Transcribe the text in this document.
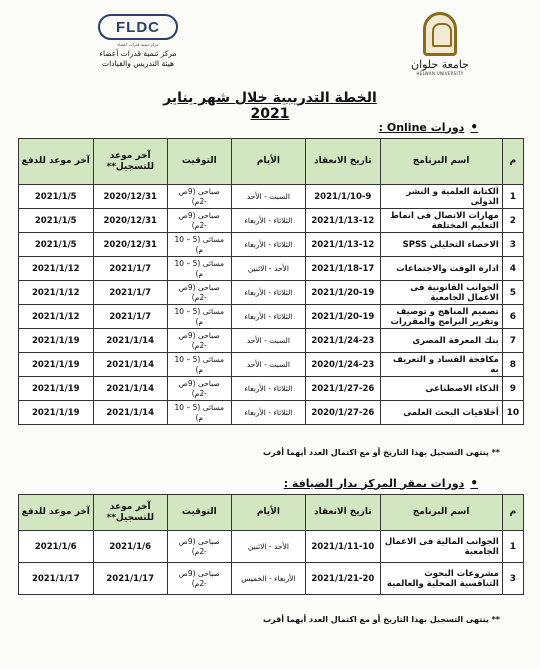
جامعة حلوان
HELWAN UNIVERSITY
FLDC
مركز تنمية قدرات أعضاء
مركز تنمية قدرات أعضاء
هيئة التدريس والقيادات
الخطة التدريبية خلال شهر يناير 2021
•
دورات Online :
م	اسم البرنامج	تاريخ الانعقاد	الأيام	التوقيت	آخر موعد للتسجيل**	آخر موعد للدفع
1	الكتابة العلمية و النشر الدولى	2021/1/10-9	السبت - الأحد	صباحى (9ص -2م)	2020/12/31	2021/1/5
2	مهارات الاتصال فى انماط التعليم المختلفة	2021/1/13-12	الثلاثاء - الأربعاء	صباحى (9ص -2م)	2020/12/31	2021/1/5
3	الاحصاء التحليلى SPSS	2021/1/13-12	الثلاثاء - الأربعاء	مسائى (5 – 10 م)	2020/12/31	2021/1/5
4	ادارة الوقت والاجتماعات	2021/1/18-17	الأحد - الاثنين	مسائى (5 – 10 م)	2021/1/7	2021/1/12
5	الجوانب القانونية فى الاعمال الجامعية	2021/1/20-19	الثلاثاء - الأربعاء	صباحى (9ص -2م)	2021/1/7	2021/1/12
6	تصميم المناهج و توصيف وتقرير البرامج والمقررات	2021/1/20-19	الثلاثاء - الأربعاء	مسائى (5 – 10 م)	2021/1/7	2021/1/12
7	بنك المعرفة المصرى	2021/1/24-23	السبت - الأحد	صباحى (9ص -2م)	2021/1/14	2021/1/19
8	مكافحة الفساد و التعريف به	2020/1/24-23	السبت - الأحد	مسائى (5 – 10 م)	2021/1/14	2021/1/19
9	الذكاء الاصطناعى	2021/1/27-26	الثلاثاء - الأربعاء	صباحى (9ص -2م)	2021/1/14	2021/1/19
10	أخلاقيات البحث العلمى	2020/1/27-26	الثلاثاء - الأربعاء	مسائى (5 – 10 م)	2021/1/14	2021/1/19
** ينتهى التسجيل بهذا التاريخ أو مع اكتمال العدد أيهما أقرب
•
دورات بمقر المركز بدار الضيافة :
م	اسم البرنامج	تاريخ الانعقاد	الأيام	التوقيت	آخر موعد للتسجيل**	آخر موعد للدفع
1	الجوانب المالية فى الاعمال الجامعية	2021/1/11-10	الأحد - الاثنين	صباحى (9ص -2م)	2021/1/6	2021/1/6
3	مشروعات البحوث التنافسية المحلية والعالمية	2021/1/21-20	الأربعاء - الخميس	صباحى (9ص -2م)	2021/1/17	2021/1/17
** ينتهى التسجيل بهذا التاريخ أو مع اكتمال العدد أيهما أقرب
